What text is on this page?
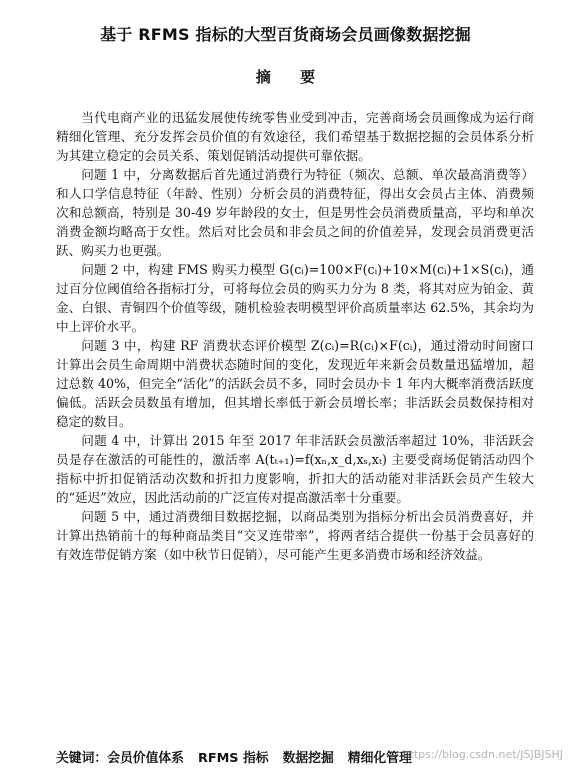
基于 RFMS 指标的大型百货商场会员画像数据挖掘
摘 要

当代电商产业的迅猛发展使传统零售业受到冲击，完善商场会员画像成为运行商精细化管理、充分发挥会员价值的有效途径，我们希望基于数据挖掘的会员体系分析为其建立稳定的会员关系、策划促销活动提供可靠依据。

问题 1 中，分离数据后首先通过消费行为特征（频次、总额、单次最高消费等）和人口学信息特征（年龄、性别）分析会员的消费特征，得出女会员占主体、消费频次和总额高，特别是 30-49 岁年龄段的女士，但是男性会员消费质量高，平均和单次消费金额均略高于女性。然后对比会员和非会员之间的价值差异，发现会员消费更活跃、购买力也更强。

问题 2 中，构建 FMS 购买力模型 G(cᵢ)=100×F(cᵢ)+10×M(cᵢ)+1×S(cᵢ)，通过百分位阈值给各指标打分，可将每位会员的购买力分为 8 类，将其对应为铂金、黄金、白银、青铜四个价值等级，随机检验表明模型评价高质量率达 62.5%，其余均为中上评价水平。

问题 3 中，构建 RF 消费状态评价模型 Z(cᵢ)=R(cᵢ)×F(cᵢ)，通过滑动时间窗口计算出会员生命周期中消费状态随时间的变化，发现近年来新会员数量迅猛增加，超过总数 40%，但完全“活化”的活跃会员不多，同时会员办卡 1 年内大概率消费活跃度偏低。活跃会员数虽有增加，但其增长率低于新会员增长率；非活跃会员数保持相对稳定的数目。

问题 4 中，计算出 2015 年至 2017 年非活跃会员激活率超过 10%，非活跃会员是存在激活的可能性的，激活率 A(tₜ₊₁)=f(xₙ,x_d,xₛ,xₜ) 主要受商场促销活动四个指标中折扣促销活动次数和折扣力度影响，折扣大的活动能对非活跃会员产生较大的“延迟”效应，因此活动前的广泛宣传对提高激活率十分重要。

问题 5 中，通过消费细目数据挖掘，以商品类别为指标分析出会员消费喜好，并计算出热销前十的每种商品类目“交叉连带率”，将两者结合提供一份基于会员喜好的有效连带促销方案（如中秋节日促销），尽可能产生更多消费市场和经济效益。

关键词：会员价值体系 RFMS 指标 数据挖掘 精细化管理
https://blog.csdn.net/JSJBJSHJ
